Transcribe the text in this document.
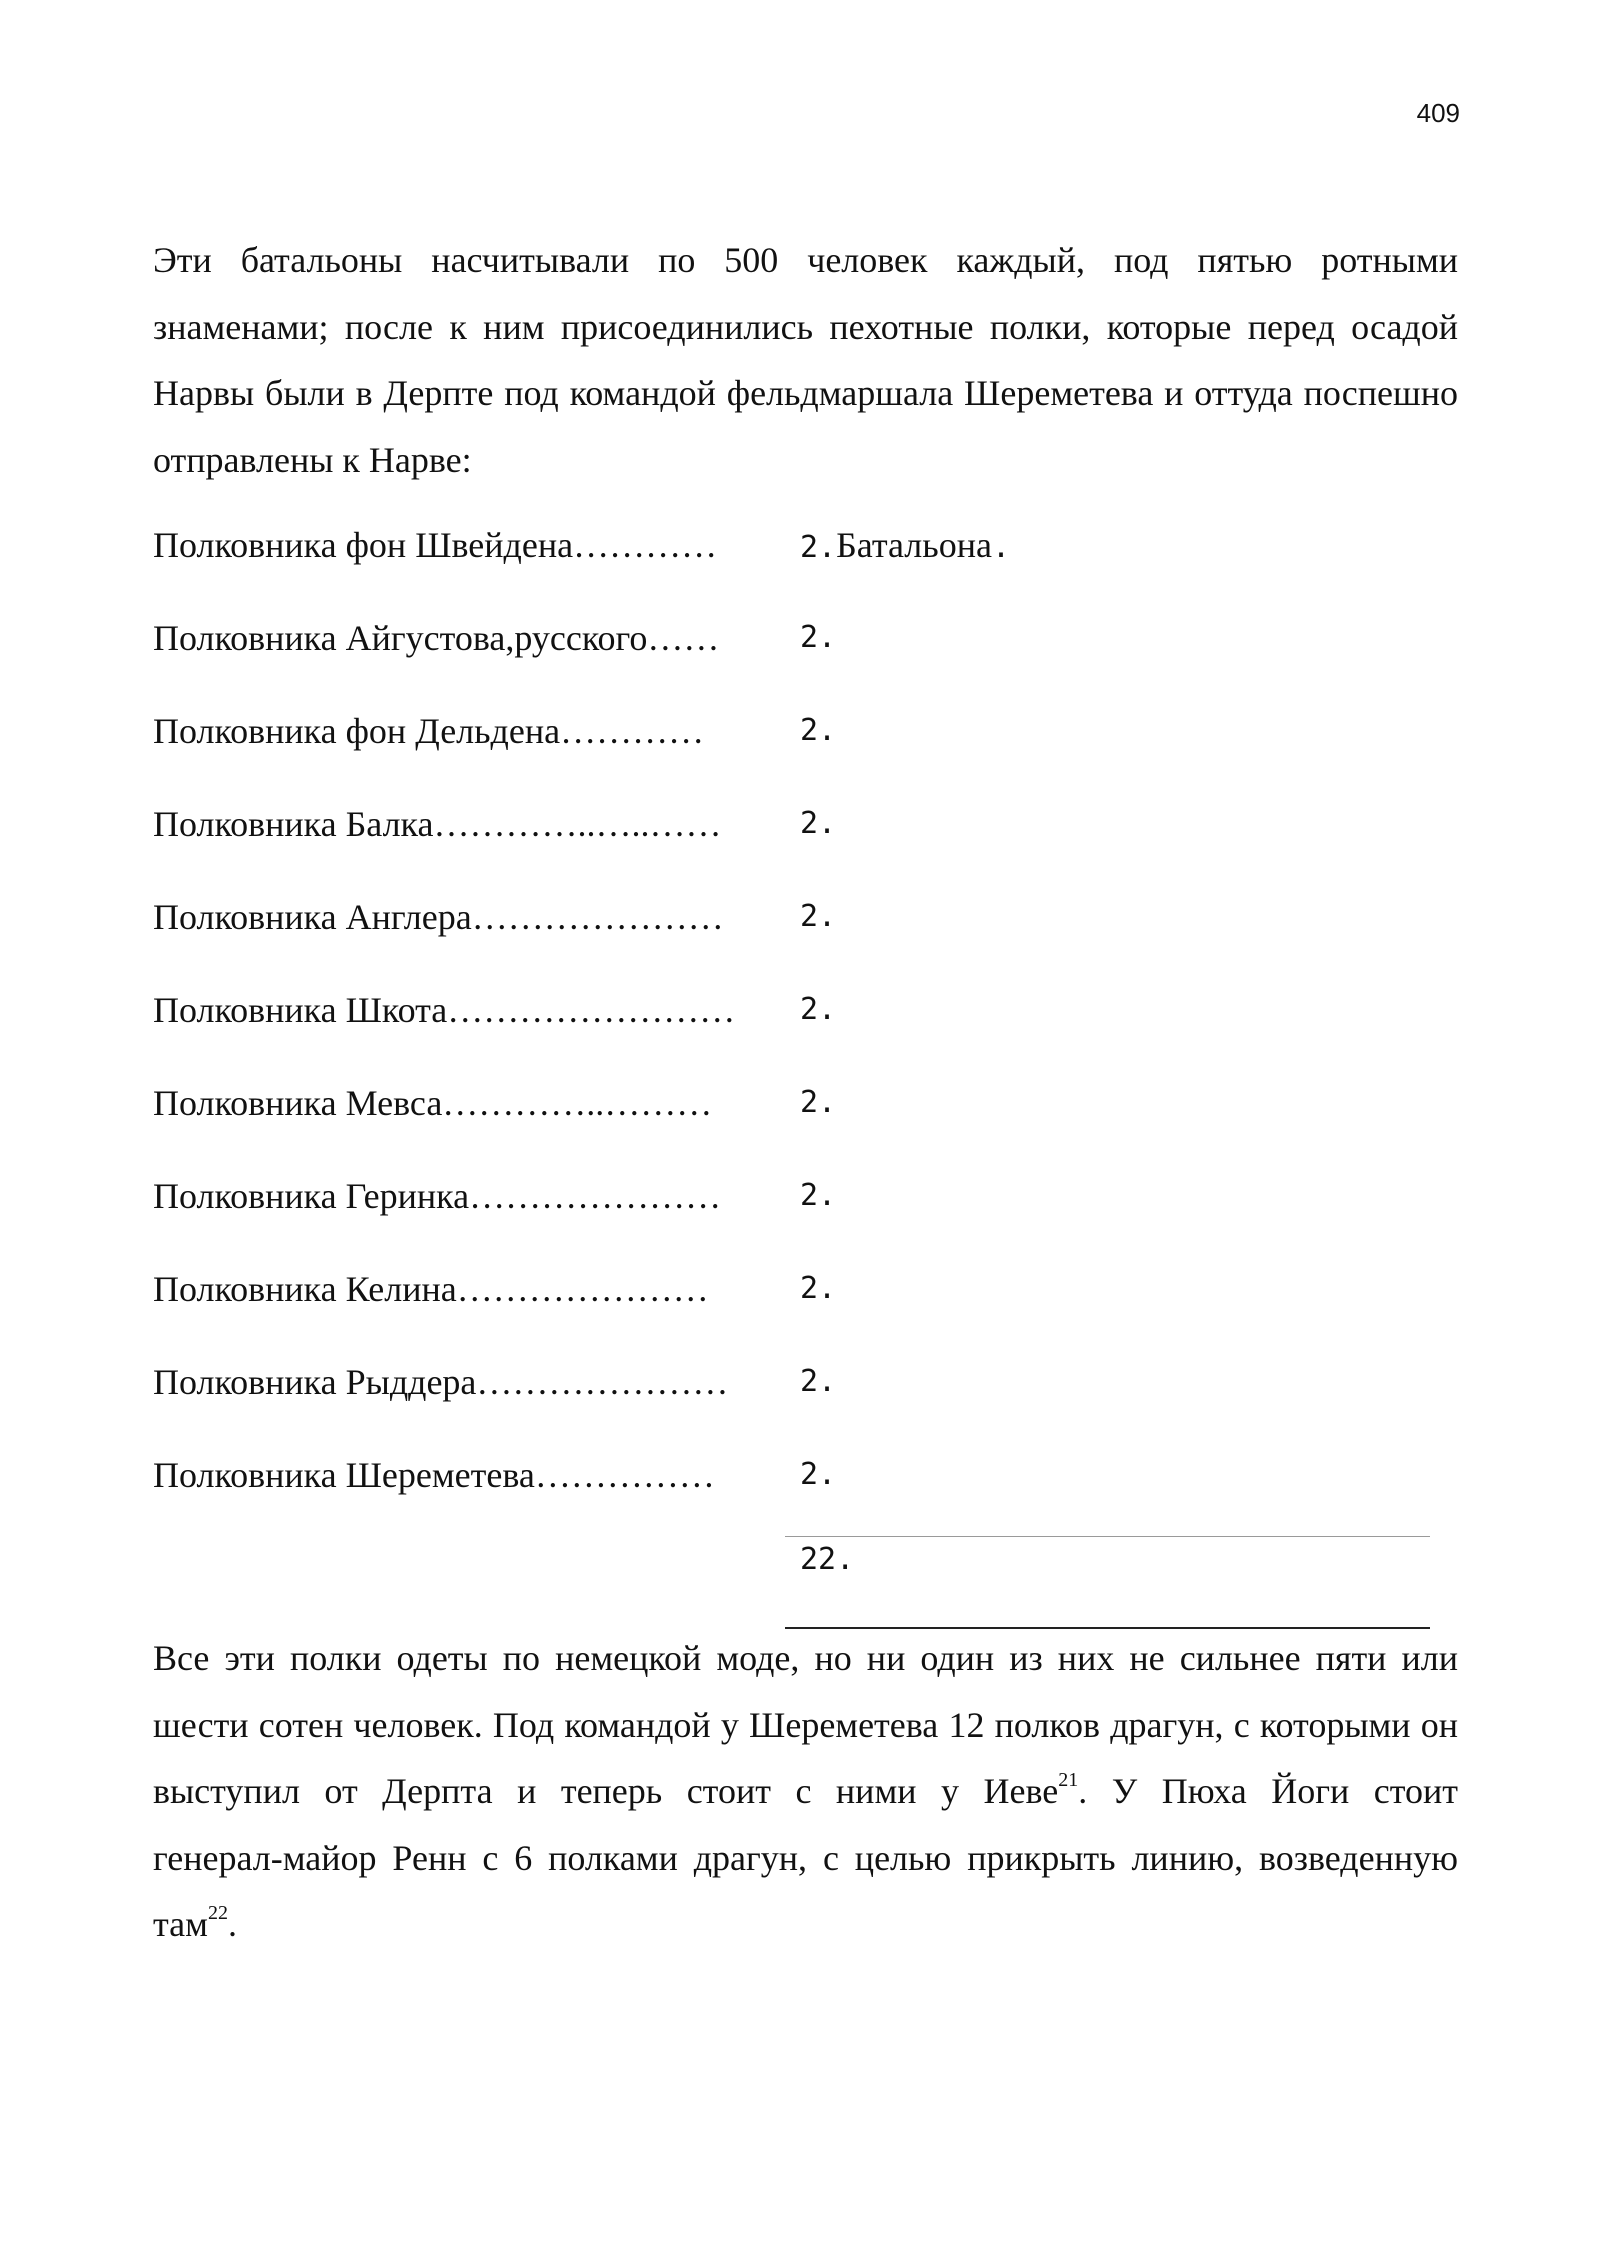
409

Эти батальоны насчитывали по 500 человек каждый, под пятью ротными знаменами; после к ним присоединились пехотные полки, которые перед осадой Нарвы были в Дерпте под командой фельдмаршала Шереметева и оттуда поспешно отправлены к Нарве:

Полковника фон Швейдена…………	2.Батальона.
Полковника Айгустова,русского……	2.
Полковника фон Дельдена…………	2.
Полковника Балка…………..…..……	2.
Полковника Англера…………………	2.
Полковника Шкота…………………… 2.
Полковника Мевса…………..………	2.
Полковника Геринка…………………	2.
Полковника Келина…………………	2.
Полковника Рыддера………………… 2.
Полковника Шереметева……………	2.
22.

Все эти полки одеты по немецкой моде, но ни один из них не сильнее пяти или шести сотен человек. Под командой у Шереметева 12 полков драгун, с которыми он выступил от Дерпта и теперь стоит с ними у Иеве$^{21}$. У Пюха Йоги стоит генерал‑майор Ренн с 6 полками драгун, с целью прикрыть линию, возведенную там$^{22}$.
